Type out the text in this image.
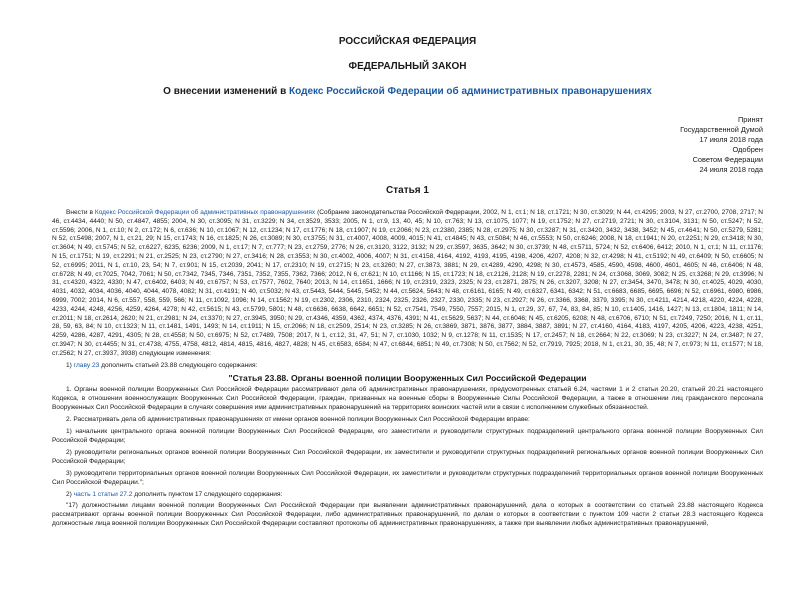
РОССИЙСКАЯ ФЕДЕРАЦИЯ
ФЕДЕРАЛЬНЫЙ ЗАКОН
О внесении изменений в Кодекс Российской Федерации об административных правонарушениях
Принят
Государственной Думой
17 июля 2018 года
Одобрен
Советом Федерации
24 июля 2018 года
Статья 1
Внести в Кодекс Российской Федерации об административных правонарушениях (Собрание законодательства Российской Федерации, 2002, N 1, ст.1; N 18, ст.1721; N 30, ст.3029; N 44, ст.4295; 2003, N 27, ст.2700, 2708, 2717; N 46, ст.4434, 4440; N 50, ст.4847, 4855; 2004, N 30, ст.3095; N 31, ст.3229; N 34, ст.3529, 3533; 2005, N 1, ст.9, 13, 40, 45; N 10, ст.763; N 13, ст.1075, 1077; N 19, ст.1752; N 27, ст.2719, 2721; N 30, ст.3104, 3131; N 50, ст.5247; N 52, ст.5596; 2006, N 1, ст.10; N 2, ст.172; N 6, ст.636; N 10, ст.1067; N 12, ст.1234; N 17, ст.1776; N 18, ст.1907; N 19, ст.2066; N 23, ст.2380, 2385; N 28, ст.2975; N 30, ст.3287; N 31, ст.3420, 3432, 3438, 3452; N 45, ст.4641; N 50, ст.5279, 5281; N 52, ст.5498; 2007, N 1, ст.21, 29; N 15, ст.1743; N 16, ст.1825; N 26, ст.3089; N 30, ст.3755; N 31, ст.4007, 4008, 4009, 4015; N 41, ст.4845; N 43, ст.5084; N 46, ст.5553; N 50, ст.6246; 2008, N 18, ст.1941; N 20, ст.2251; N 29, ст.3418; N 30, ст.3604; N 49, ст.5745; N 52, ст.6227, 6235, 6236; 2009, N 1, ст.17; N 7, ст.777; N 23, ст.2759, 2776; N 26, ст.3120, 3122, 3132; N 29, ст.3597, 3635, 3642; N 30, ст.3739; N 48, ст.5711, 5724; N 52, ст.6406, 6412; 2010, N 1, ст.1; N 11, ст.1176; N 15, ст.1751; N 19, ст.2291; N 21, ст.2525; N 23, ст.2790; N 27, ст.3416; N 28, ст.3553; N 30, ст.4002, 4006, 4007; N 31, ст.4158, 4164, 4192, 4193, 4195, 4198, 4206, 4207, 4208; N 32, ст.4298; N 41, ст.5192; N 49, ст.6409; N 50, ст.6605; N 52, ст.6995; 2011, N 1, ст.10, 23, 54; N 7, ст.901; N 15, ст.2039, 2041; N 17, ст.2310; N 19, ст.2715; N 23, ст.3260; N 27, ст.3873, 3881; N 29, ст.4289, 4290, 4298; N 30, ст.4573, 4585, 4590, 4598, 4600, 4601, 4605; N 46, ст.6406; N 48, ст.6728; N 49, ст.7025, 7042, 7061; N 50, ст.7342, 7345, 7346, 7351, 7352, 7355, 7362, 7366; 2012, N 6, ст.621; N 10, ст.1166; N 15, ст.1723; N 18, ст.2126, 2128; N 19, ст.2278, 2281; N 24, ст.3068, 3069, 3082; N 25, ст.3268; N 29, ст.3996; N 31, ст.4320, 4322, 4330; N 47, ст.6402, 6403; N 49, ст.6757; N 53, ст.7577, 7602, 7640; 2013, N 14, ст.1651, 1666; N 19, ст.2319, 2323, 2325; N 23, ст.2871, 2875; N 26, ст.3207, 3208; N 27, ст.3454, 3470, 3478; N 30, ст.4025, 4029, 4030, 4031, 4032, 4034, 4036, 4040, 4044, 4078, 4082; N 31, ст.4191; N 40, ст.5032; N 43, ст.5443, 5444, 5445, 5452; N 44, ст.5624, 5643; N 48, ст.6161, 6165; N 49, ст.6327, 6341, 6342; N 51, ст.6683, 6685, 6695, 6696; N 52, ст.6961, 6980, 6986, 6999, 7002; 2014, N 6, ст.557, 558, 559, 566; N 11, ст.1092, 1096; N 14, ст.1562; N 19, ст.2302, 2306, 2310, 2324, 2325, 2326, 2327, 2330, 2335; N 23, ст.2927; N 26, ст.3366, 3368, 3379, 3395; N 30, ст.4211, 4214, 4218, 4220, 4224, 4228, 4233, 4244, 4248, 4256, 4259, 4264, 4278; N 42, ст.5615; N 43, ст.5799, 5801; N 48, ст.6636, 6638, 6642, 6651; N 52, ст.7541, 7549, 7550, 7557; 2015, N 1, ст.29, 37, 67, 74, 83, 84, 85; N 10, ст.1405, 1416, 1427; N 13, ст.1804, 1811; N 14, ст.2011; N 18, ст.2614, 2620; N 21, ст.2981; N 24, ст.3370; N 27, ст.3945, 3950; N 29, ст.4346, 4359, 4362, 4374, 4376, 4391; N 41, ст.5629, 5637; N 44, ст.6046; N 45, ст.6205, 6208; N 48, ст.6706, 6710; N 51, ст.7249, 7250; 2016, N 1, ст.11, 28, 59, 63, 84; N 10, ст.1323; N 11, ст.1481, 1491, 1493; N 14, ст.1911; N 15, ст.2066; N 18, ст.2509, 2514; N 23, ст.3285; N 26, ст.3869, 3871, 3876, 3877, 3884, 3887, 3891; N 27, ст.4160, 4164, 4183, 4197, 4205, 4206, 4223, 4238, 4251, 4259, 4286, 4287, 4291, 4305; N 28, ст.4558; N 50, ст.6975; N 52, ст.7489, 7508; 2017, N 1, ст.12, 31, 47, 51; N 7, ст.1030, 1032; N 9, ст.1278; N 11, ст.1535; N 17, ст.2457; N 18, ст.2664; N 22, ст.3069; N 23, ст.3227; N 24, ст.3487; N 27, ст.3947; N 30, ст.4455; N 31, ст.4738, 4755, 4758, 4812, 4814, 4815, 4816, 4827, 4828; N 45, ст.6583, 6584; N 47, ст.6844, 6851; N 49, ст.7308; N 50, ст.7562; N 52, ст.7919, 7925; 2018, N 1, ст.21, 30, 35, 48; N 7, ст.973; N 11, ст.1577; N 18, ст.2562; N 27, ст.3937, 3938) следующие изменения:
1) главу 23 дополнить статьей 23.88 следующего содержания:
"Статья 23.88. Органы военной полиции Вооруженных Сил Российской Федерации
1. Органы военной полиции Вооруженных Сил Российской Федерации рассматривают дела об административных правонарушениях, предусмотренных статьей 6.24, частями 1 и 2 статьи 20.20, статьей 20.21 настоящего Кодекса, в отношении военнослужащих Вооруженных Сил Российской Федерации, граждан, призванных на военные сборы в Вооруженные Силы Российской Федерации, а также в отношении лиц гражданского персонала Вооруженных Сил Российской Федерации в случаях совершения ими административных правонарушений на территориях воинских частей или в связи с исполнением служебных обязанностей.
2. Рассматривать дела об административных правонарушениях от имени органов военной полиции Вооруженных Сил Российской Федерации вправе:
1) начальник центрального органа военной полиции Вооруженных Сил Российской Федерации, его заместители и руководители структурных подразделений центрального органа военной полиции Вооруженных Сил Российской Федерации;
2) руководители региональных органов военной полиции Вооруженных Сил Российской Федерации, их заместители и руководители структурных подразделений региональных органов военной полиции Вооруженных Сил Российской Федерации;
3) руководители территориальных органов военной полиции Вооруженных Сил Российской Федерации, их заместители и руководители структурных подразделений территориальных органов военной полиции Вооруженных Сил Российской Федерации.";
2) часть 1 статьи 27.2 дополнить пунктом 17 следующего содержания:
"17) должностными лицами военной полиции Вооруженных Сил Российской Федерации при выявлении административных правонарушений, дела о которых в соответствии со статьей 23.88 настоящего Кодекса рассматривают органы военной полиции Вооруженных Сил Российской Федерации, либо административных правонарушений, по делам о которых в соответствии с пунктом 109 части 2 статьи 28.3 настоящего Кодекса должностные лица военной полиции Вооруженных Сил Российской Федерации составляют протоколы об административных правонарушениях, а также при выявлении любых административных правонарушений,
